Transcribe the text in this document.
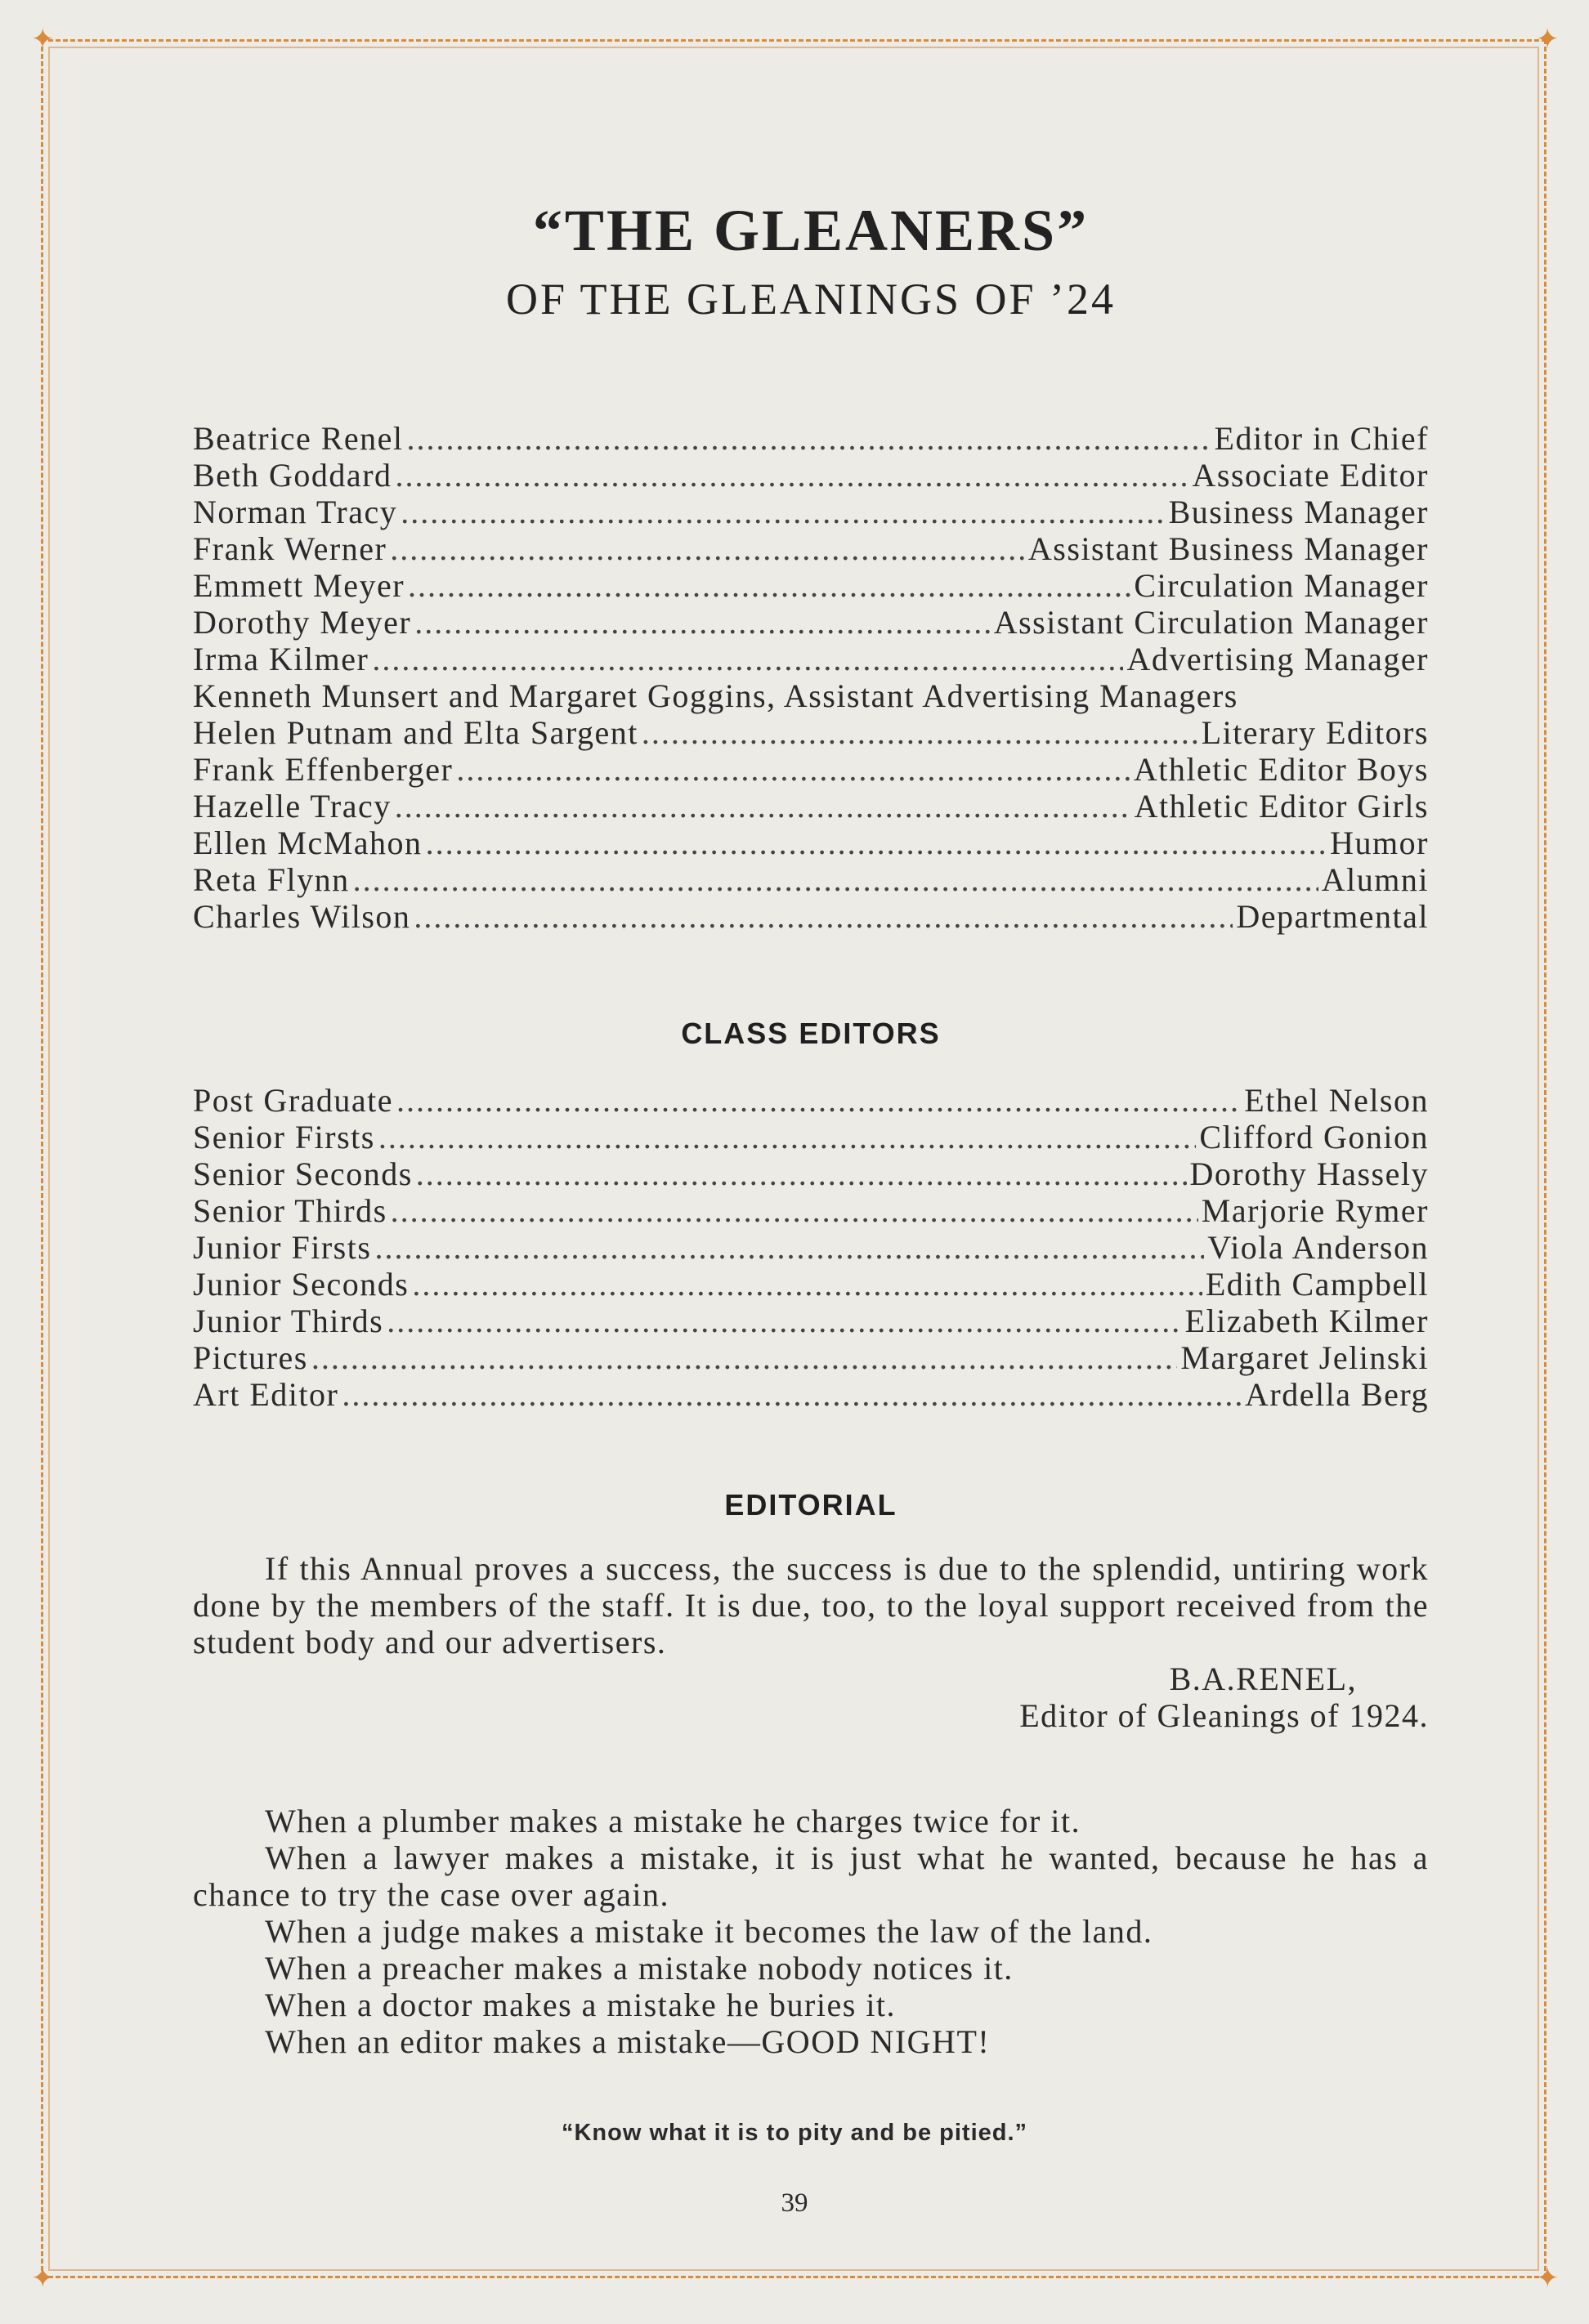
✦	✦
✦	✦
“THE GLEANERS”
OF THE GLEANINGS OF ’24
Beatrice Renel . . .	Editor in Chief
Beth Goddard . . .	Associate Editor
Norman Tracy . . .	Business Manager
Frank Werner . . .	Assistant Business Manager
Emmett Meyer . . .	Circulation Manager
Dorothy Meyer . . .	Assistant Circulation Manager
Irma Kilmer . . .	Advertising Manager
Kenneth Munsert and Margaret Goggins, Assistant Advertising Managers
Helen Putnam and Elta Sargent . . .	Literary Editors
Frank Effenberger . . .	Athletic Editor Boys
Hazelle Tracy . . .	Athletic Editor Girls
Ellen McMahon . . .	Humor
Reta Flynn . . .	Alumni
Charles Wilson . . .	Departmental
CLASS EDITORS
Post Graduate . . .	Ethel Nelson
Senior Firsts . . .	Clifford Gonion
Senior Seconds . . .	Dorothy Hassely
Senior Thirds . . .	Marjorie Rymer
Junior Firsts . . .	Viola Anderson
Junior Seconds . . .	Edith Campbell
Junior Thirds . . .	Elizabeth Kilmer
Pictures . . .	Margaret Jelinski
Art Editor . . .	Ardella Berg
EDITORIAL

If this Annual proves a success, the success is due to the splendid, untiring work done by the members of the staff. It is due, too, to the loyal support received from the student body and our advertisers.

B.A.RENEL,
Editor of Gleanings of 1924.

When a plumber makes a mistake he charges twice for it.

When a lawyer makes a mistake, it is just what he wanted, because he has a chance to try the case over again.

When a judge makes a mistake it becomes the law of the land.

When a preacher makes a mistake nobody notices it.

When a doctor makes a mistake he buries it.

When an editor makes a mistake—GOOD NIGHT!

“Know what it is to pity and be pitied.”
39
